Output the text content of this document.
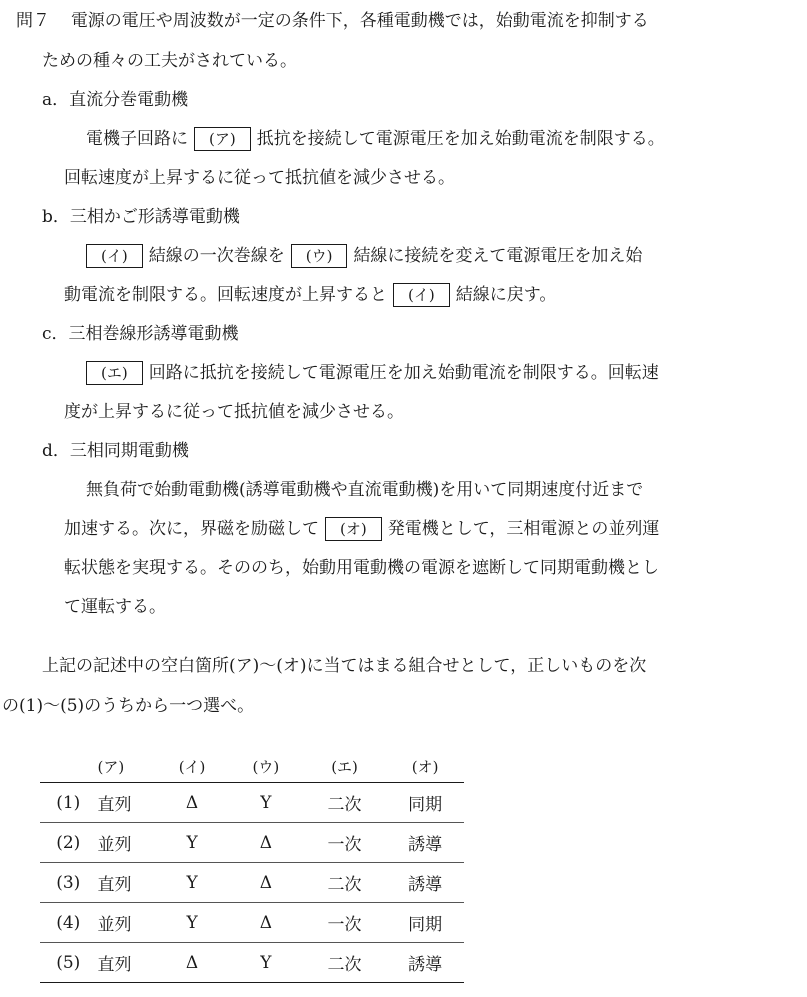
問７ 電源の電圧や周波数が一定の条件下，各種電動機では，始動電流を抑制する
ための種々の工夫がされている。
a．直流分巻電動機
電機子回路に (ア) 抵抗を接続して電源電圧を加え始動電流を制限する。
回転速度が上昇するに従って抵抗値を減少させる。
b．三相かご形誘導電動機
(イ) 結線の一次巻線を (ウ) 結線に接続を変えて電源電圧を加え始
動電流を制限する。回転速度が上昇すると (イ) 結線に戻す。
c．三相巻線形誘導電動機
(エ) 回路に抵抗を接続して電源電圧を加え始動電流を制限する。回転速
度が上昇するに従って抵抗値を減少させる。
d．三相同期電動機
無負荷で始動電動機(誘導電動機や直流電動機)を用いて同期速度付近まで
加速する。次に，界磁を励磁して (オ) 発電機として，三相電源との並列運
転状態を実現する。そののち，始動用電動機の電源を遮断して同期電動機とし
て運転する。
上記の記述中の空白箇所(ア)～(オ)に当てはまる組合せとして，正しいものを次
の(1)～(5)のうちから一つ選べ。
	(ア)	(イ)	(ウ)	(エ)	(オ)
(1)	直列	Δ	Y	二次	同期
(2)	並列	Y	Δ	一次	誘導
(3)	直列	Y	Δ	二次	誘導
(4)	並列	Y	Δ	一次	同期
(5)	直列	Δ	Y	二次	誘導
